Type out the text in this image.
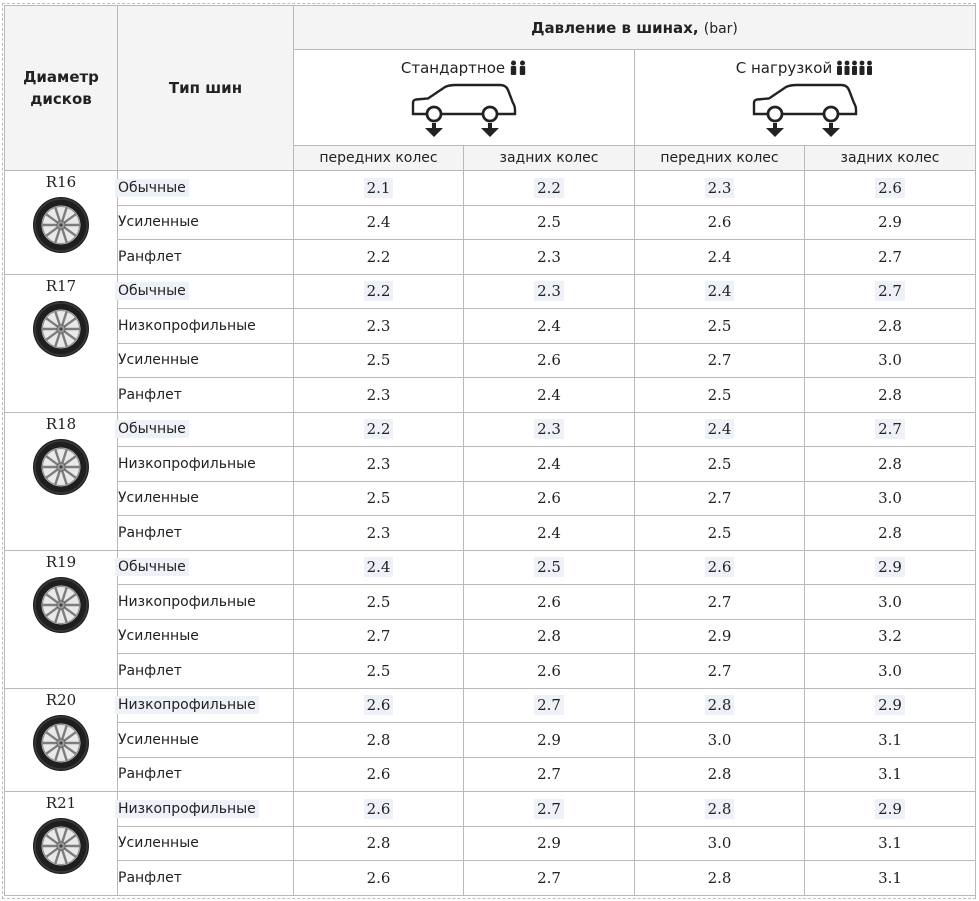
Диаметр дисков	Тип шин	Давление в шинах, (bar)			

		Стандартное		С нагрузкой	

		передних колес	задних колес	передних колес	задних колес

R16	Обычные	2.1	2.2	2.3	2.6
	Усиленные	2.4	2.5	2.6	2.9
	Ранфлет	2.2	2.3	2.4	2.7

R17	Обычные	2.2	2.3	2.4	2.7
	Низкопрофильные	2.3	2.4	2.5	2.8
	Усиленные	2.5	2.6	2.7	3.0
	Ранфлет	2.3	2.4	2.5	2.8

R18	Обычные	2.2	2.3	2.4	2.7
	Низкопрофильные	2.3	2.4	2.5	2.8
	Усиленные	2.5	2.6	2.7	3.0
	Ранфлет	2.3	2.4	2.5	2.8

R19	Обычные	2.4	2.5	2.6	2.9
	Низкопрофильные	2.5	2.6	2.7	3.0
	Усиленные	2.7	2.8	2.9	3.2
	Ранфлет	2.5	2.6	2.7	3.0

R20	Низкопрофильные	2.6	2.7	2.8	2.9
	Усиленные	2.8	2.9	3.0	3.1
	Ранфлет	2.6	2.7	2.8	3.1

R21	Низкопрофильные	2.6	2.7	2.8	2.9
	Усиленные	2.8	2.9	3.0	3.1
	Ранфлет	2.6	2.7	2.8	3.1
